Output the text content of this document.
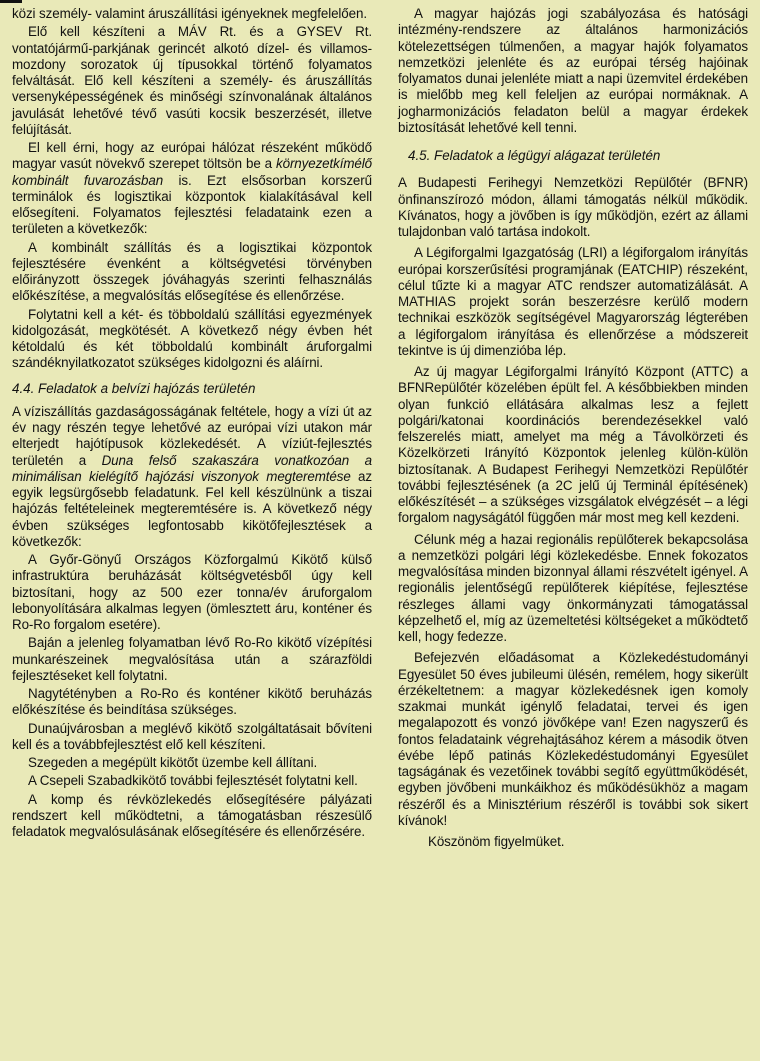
közi személy- valamint áruszállítási igényeknek megfelelően.

Elő kell készíteni a MÁV Rt. és a GYSEV Rt. vontatójármű-parkjának gerincét alkotó dízel- és villamos-mozdony sorozatok új típusokkal történő folyamatos felváltását. Elő kell készíteni a személy- és áruszállítás versenyképességének és minőségi színvonalának általános javulását lehetővé tévő vasúti kocsik beszerzését, illetve felújítását.

El kell érni, hogy az európai hálózat részeként működő magyar vasút növekvő szerepet töltsön be a környezetkímélő kombinált fuvarozásban is. Ezt elsősorban korszerű terminálok és logisztikai központok kialakításával kell elősegíteni. Folyamatos fejlesztési feladataink ezen a területen a következők:

A kombinált szállítás és a logisztikai központok fejlesztésére évenként a költségvetési törvényben előirányzott összegek jóváhagyás szerinti felhasználás előkészítése, a megvalósítás elősegítése és ellenőrzése.

Folytatni kell a két- és többoldalú szállítási egyezmények kidolgozását, megkötését. A következő négy évben hét kétoldalú és két többoldalú kombinált áruforgalmi szándéknyilatkozatot szükséges kidolgozni és aláírni.

4.4. Feladatok a belvízi hajózás területén

A víziszállítás gazdaságosságának feltétele, hogy a vízi út az év nagy részén tegye lehetővé az európai vízi utakon már elterjedt hajótípusok közlekedését. A víziút-fejlesztés területén a Duna felső szakaszára vonatkozóan a minimálisan kielégítő hajózási viszonyok megteremtése az egyik legsürgősebb feladatunk. Fel kell készülnünk a tiszai hajózás feltételeinek megteremtésére is. A következő négy évben szükséges legfontosabb kikötőfejlesztések a következők:

A Győr-Gönyű Országos Közforgalmú Kikötő külső infrastruktúra beruházását költségvetésből úgy kell biztosítani, hogy az 500 ezer tonna/év áruforgalom lebonyolítására alkalmas legyen (ömlesztett áru, konténer és Ro-Ro forgalom esetére).

Baján a jelenleg folyamatban lévő Ro-Ro kikötő vízépítési munkarészeinek megvalósítása után a szárazföldi fejlesztéseket kell folytatni.

Nagytétényben a Ro-Ro és konténer kikötő beruházás előkészítése és beindítása szükséges.

Dunaújvárosban a meglévő kikötő szolgáltatásait bővíteni kell és a továbbfejlesztést elő kell készíteni.

Szegeden a megépült kikötőt üzembe kell állítani.

A Csepeli Szabadkikötő további fejlesztését folytatni kell.

A komp és révközlekedés elősegítésére pályázati rendszert kell működtetni, a támogatásban részesülő feladatok megvalósulásának elősegítésére és ellenőrzésére.

A magyar hajózás jogi szabályozása és hatósági intézmény-rendszere az általános harmonizációs kötelezettségen túlmenően, a magyar hajók folyamatos nemzetközi jelenléte és az európai térség hajóinak folyamatos dunai jelenléte miatt a napi üzemvitel érdekében is mielőbb meg kell feleljen az európai normáknak. A jogharmonizációs feladaton belül a magyar érdekek biztosítását lehetővé kell tenni.

4.5. Feladatok a légügyi alágazat területén

A Budapesti Ferihegyi Nemzetközi Repülőtér (BFNR) önfinanszírozó módon, állami támogatás nélkül működik. Kívánatos, hogy a jövőben is így működjön, ezért az állami tulajdonban való tartása indokolt.

A Légiforgalmi Igazgatóság (LRI) a légiforgalom irányítás európai korszerűsítési programjának (EATCHIP) részeként, célul tűzte ki a magyar ATC rendszer automatizálását. A MATHIAS projekt során beszerzésre kerülő modern technikai eszközök segítségével Magyarország légterében a légiforgalom irányítása és ellenőrzése a módszereit tekintve is új dimenzióba lép.

Az új magyar Légiforgalmi Irányító Központ (ATTC) a BFNRepülőtér közelében épült fel. A későbbiekben minden olyan funkció ellátására alkalmas lesz a fejlett polgári/katonai koordinációs berendezésekkel való felszerelés miatt, amelyet ma még a Távolkörzeti és Közelkörzeti Irányító Központok jelenleg külön-külön biztosítanak. A Budapest Ferihegyi Nemzetközi Repülőtér további fejlesztésének (a 2C jelű új Terminál építésének) előkészítését – a szükséges vizsgálatok elvégzését – a légi forgalom nagyságától függően már most meg kell kezdeni.

Célunk még a hazai regionális repülőterek bekapcsolása a nemzetközi polgári légi közlekedésbe. Ennek fokozatos megvalósítása minden bizonnyal állami részvételt igényel. A regionális jelentőségű repülőterek kiépítése, fejlesztése részleges állami vagy önkormányzati támogatással képzelhető el, míg az üzemeltetési költségeket a működtető kell, hogy fedezze.

Befejezvén előadásomat a Közlekedéstudományi Egyesület 50 éves jubileumi ülésén, remélem, hogy sikerült érzékeltetnem: a magyar közlekedésnek igen komoly szakmai munkát igénylő feladatai, tervei és igen megalapozott és vonzó jövőképe van! Ezen nagyszerű és fontos feladataink végrehajtásához kérem a második ötven évébe lépő patinás Közlekedéstudományi Egyesület tagságának és vezetőinek további segítő együttműködését, egyben jövőbeni munkáikhoz és működésükhöz a magam részéről és a Minisztérium részéről is további sok sikert kívánok!

Köszönöm figyelmüket.
